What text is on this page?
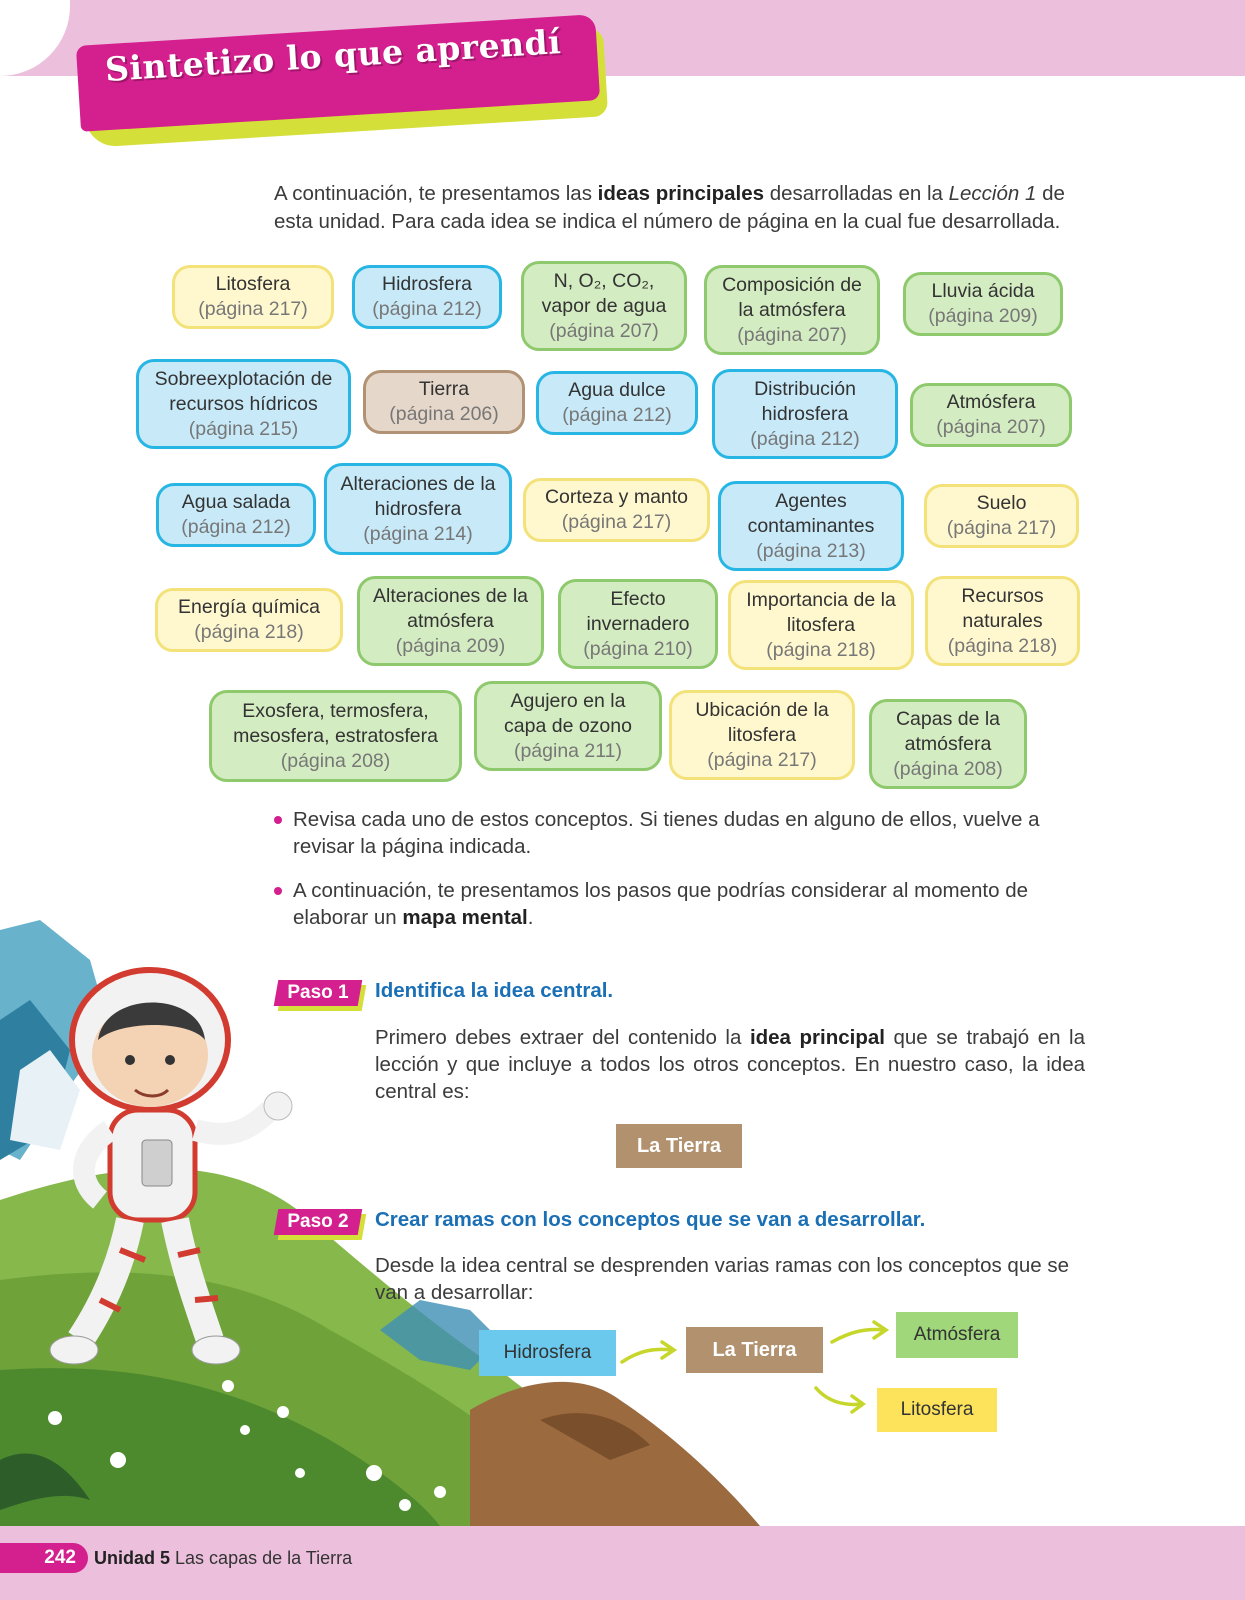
Sintetizo lo que aprendí

A continuación, te presentamos las ideas principales desarrolladas en la Lección 1 de esta unidad. Para cada idea se indica el número de página en la cual fue desarrollada.

Litosfera
(página 217)
Hidrosfera
(página 212)
N, O₂, CO₂, vapor de agua
(página 207)
Composición de la atmósfera
(página 207)
Lluvia ácida
(página 209)
Sobreexplotación de recursos hídricos
(página 215)
Tierra
(página 206)
Agua dulce
(página 212)
Distribución hidrosfera
(página 212)
Atmósfera
(página 207)
Agua salada
(página 212)
Alteraciones de la hidrosfera
(página 214)
Corteza y manto
(página 217)
Agentes contaminantes
(página 213)
Suelo
(página 217)
Energía química
(página 218)
Alteraciones de la atmósfera
(página 209)
Efecto invernadero
(página 210)
Importancia de la litosfera
(página 218)
Recursos naturales
(página 218)
Exosfera, termosfera, mesosfera, estratosfera
(página 208)
Agujero en la capa de ozono
(página 211)
Ubicación de la litosfera
(página 217)
Capas de la atmósfera
(página 208)
Revisa cada uno de estos conceptos. Si tienes dudas en alguno de ellos, vuelve a revisar la página indicada.
A continuación, te presentamos los pasos que podrías considerar al momento de elaborar un mapa mental.
Paso 1	Identifica la idea central.

Primero debes extraer del contenido la idea principal que se trabajó en la lección y que incluye a todos los otros conceptos. En nuestro caso, la idea central es:

La Tierra
Paso 2	Crear ramas con los conceptos que se van a desarrollar.

Desde la idea central se desprenden varias ramas con los conceptos que se van a desarrollar:

Hidrosfera	La Tierra
Atmósfera
Litosfera
242	Unidad 5 Las capas de la Tierra
